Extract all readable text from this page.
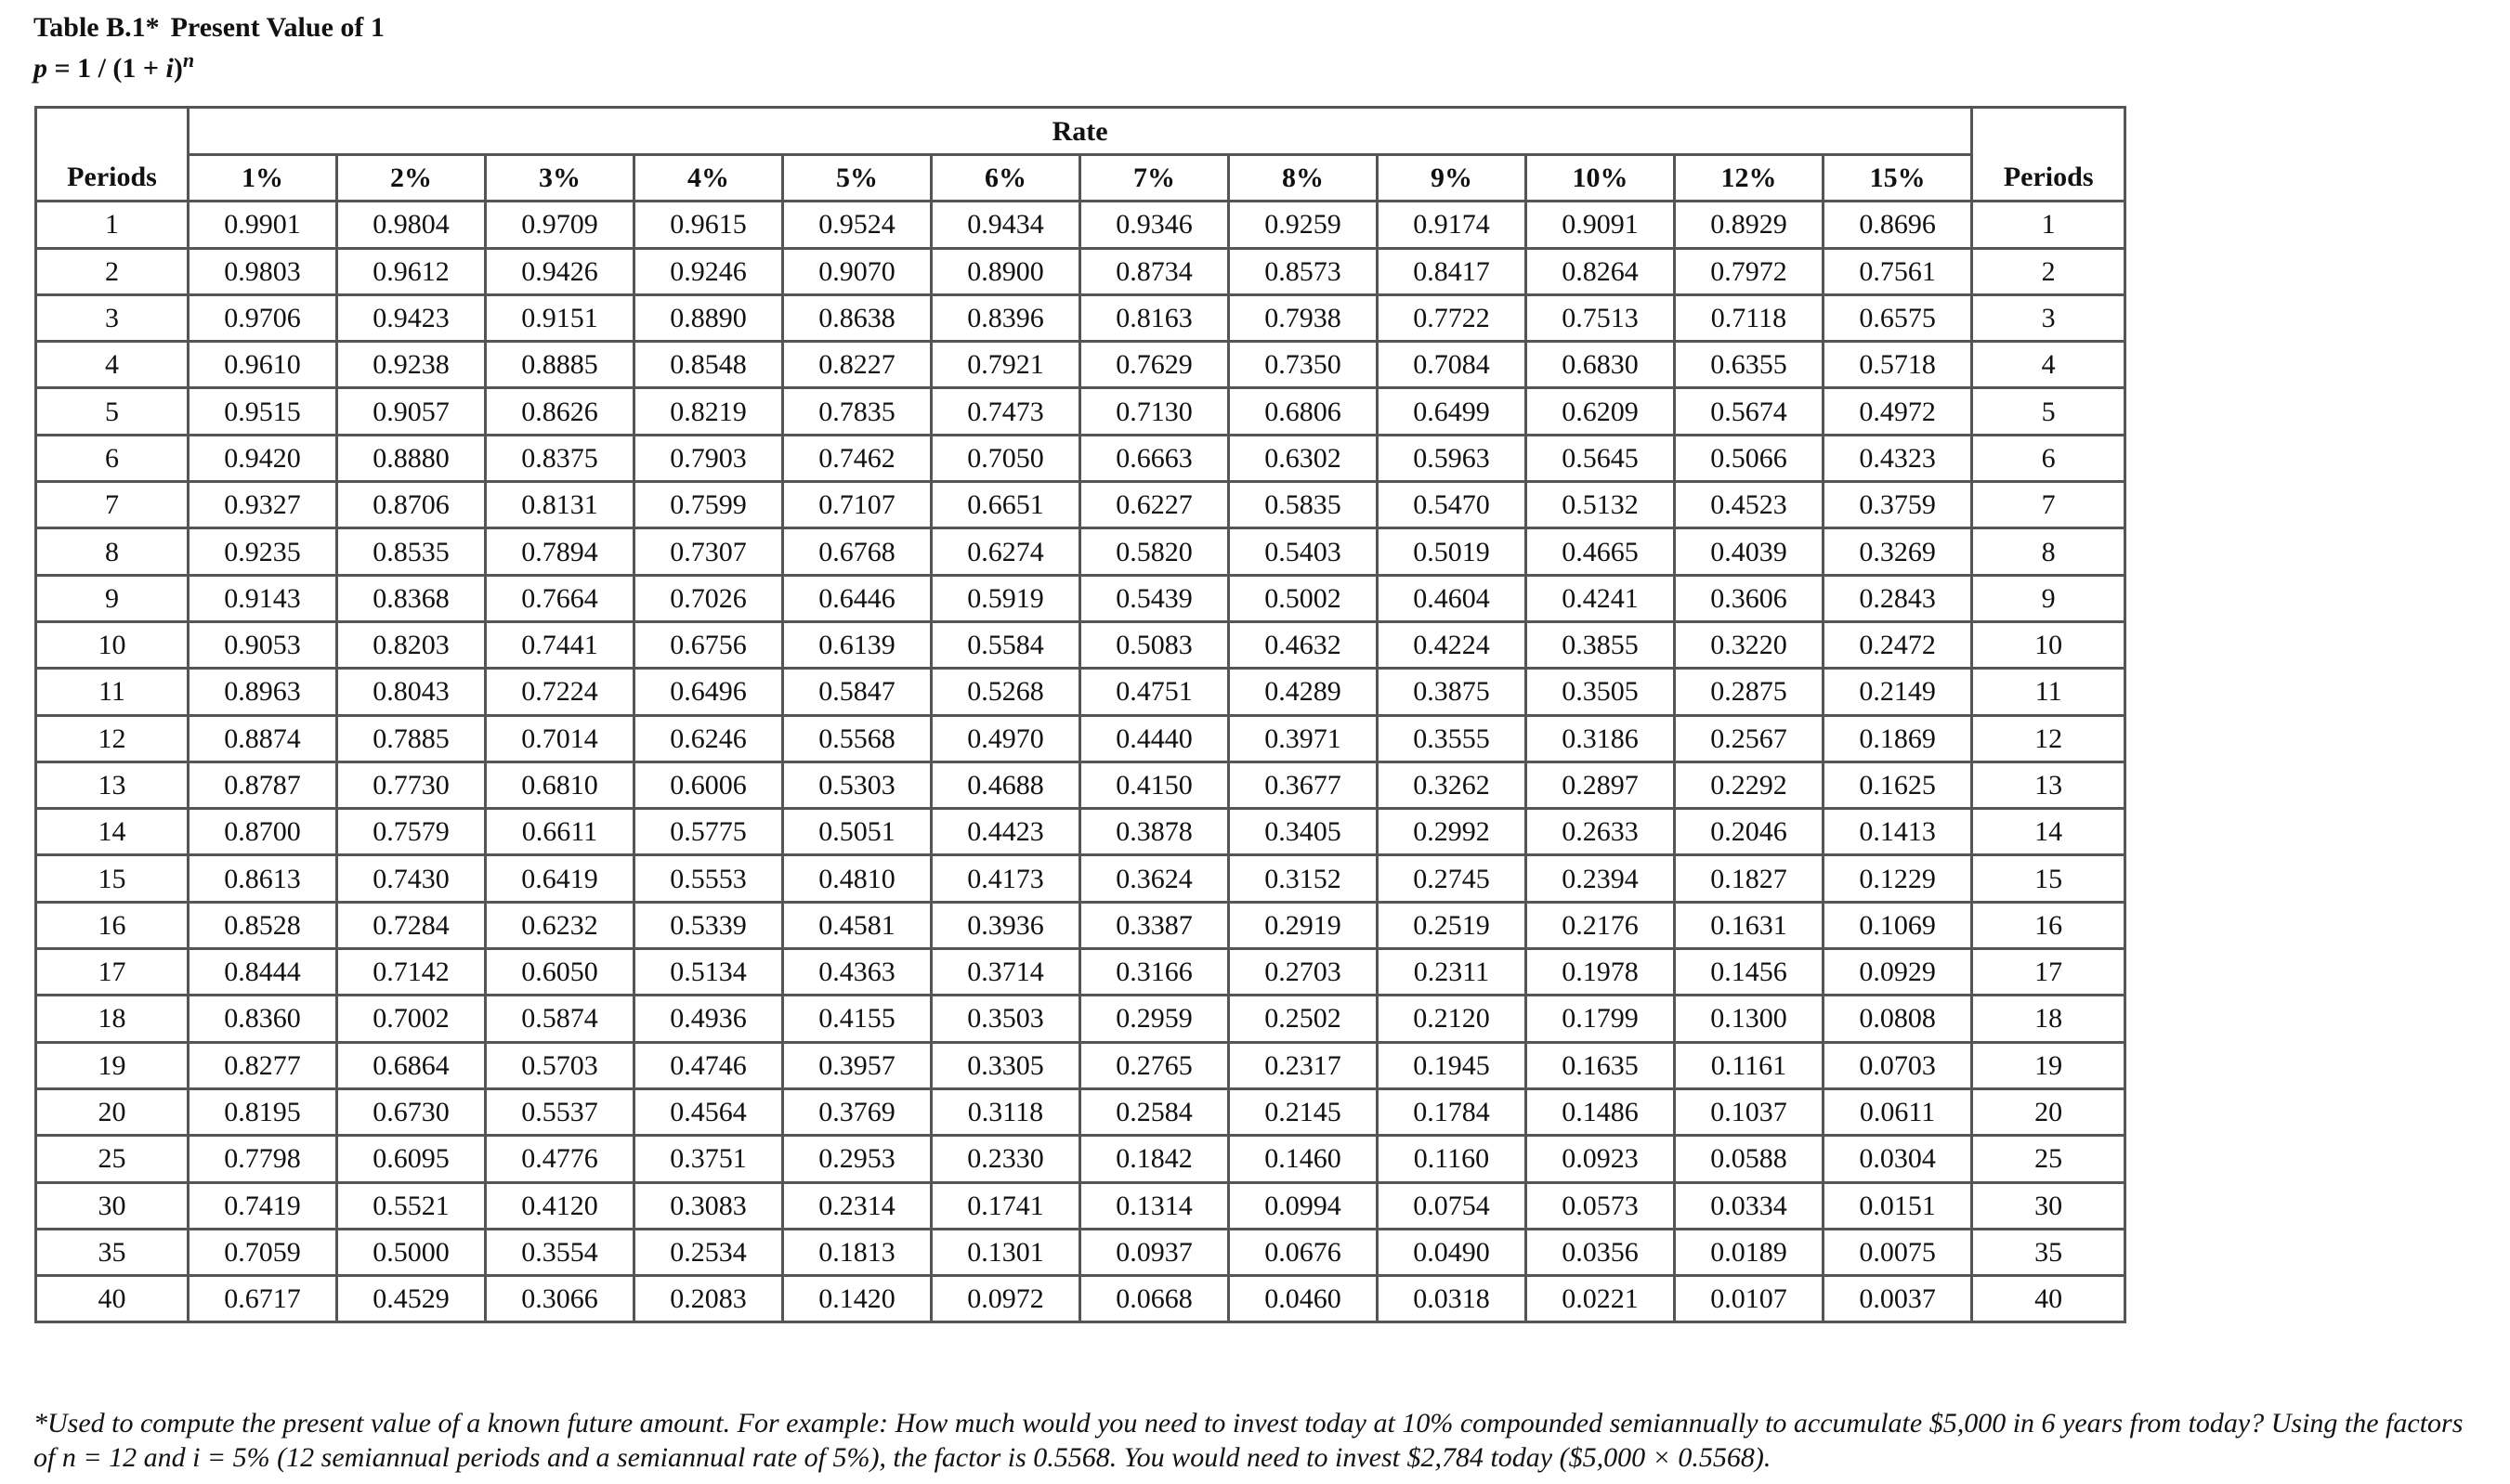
Table B.1* Present Value of 1
$p = 1 / (1 + i)^n$
	Rate												
Periods	1%	2%	3%	4%	5%	6%	7%	8%	9%	10%	12%	15%	Periods
1	0.9901	0.9804	0.9709	0.9615	0.9524	0.9434	0.9346	0.9259	0.9174	0.9091	0.8929	0.8696	1
2	0.9803	0.9612	0.9426	0.9246	0.9070	0.8900	0.8734	0.8573	0.8417	0.8264	0.7972	0.7561	2
3	0.9706	0.9423	0.9151	0.8890	0.8638	0.8396	0.8163	0.7938	0.7722	0.7513	0.7118	0.6575	3
4	0.9610	0.9238	0.8885	0.8548	0.8227	0.7921	0.7629	0.7350	0.7084	0.6830	0.6355	0.5718	4
5	0.9515	0.9057	0.8626	0.8219	0.7835	0.7473	0.7130	0.6806	0.6499	0.6209	0.5674	0.4972	5
6	0.9420	0.8880	0.8375	0.7903	0.7462	0.7050	0.6663	0.6302	0.5963	0.5645	0.5066	0.4323	6
7	0.9327	0.8706	0.8131	0.7599	0.7107	0.6651	0.6227	0.5835	0.5470	0.5132	0.4523	0.3759	7
8	0.9235	0.8535	0.7894	0.7307	0.6768	0.6274	0.5820	0.5403	0.5019	0.4665	0.4039	0.3269	8
9	0.9143	0.8368	0.7664	0.7026	0.6446	0.5919	0.5439	0.5002	0.4604	0.4241	0.3606	0.2843	9
10	0.9053	0.8203	0.7441	0.6756	0.6139	0.5584	0.5083	0.4632	0.4224	0.3855	0.3220	0.2472	10
11	0.8963	0.8043	0.7224	0.6496	0.5847	0.5268	0.4751	0.4289	0.3875	0.3505	0.2875	0.2149	11
12	0.8874	0.7885	0.7014	0.6246	0.5568	0.4970	0.4440	0.3971	0.3555	0.3186	0.2567	0.1869	12
13	0.8787	0.7730	0.6810	0.6006	0.5303	0.4688	0.4150	0.3677	0.3262	0.2897	0.2292	0.1625	13
14	0.8700	0.7579	0.6611	0.5775	0.5051	0.4423	0.3878	0.3405	0.2992	0.2633	0.2046	0.1413	14
15	0.8613	0.7430	0.6419	0.5553	0.4810	0.4173	0.3624	0.3152	0.2745	0.2394	0.1827	0.1229	15
16	0.8528	0.7284	0.6232	0.5339	0.4581	0.3936	0.3387	0.2919	0.2519	0.2176	0.1631	0.1069	16
17	0.8444	0.7142	0.6050	0.5134	0.4363	0.3714	0.3166	0.2703	0.2311	0.1978	0.1456	0.0929	17
18	0.8360	0.7002	0.5874	0.4936	0.4155	0.3503	0.2959	0.2502	0.2120	0.1799	0.1300	0.0808	18
19	0.8277	0.6864	0.5703	0.4746	0.3957	0.3305	0.2765	0.2317	0.1945	0.1635	0.1161	0.0703	19
20	0.8195	0.6730	0.5537	0.4564	0.3769	0.3118	0.2584	0.2145	0.1784	0.1486	0.1037	0.0611	20
25	0.7798	0.6095	0.4776	0.3751	0.2953	0.2330	0.1842	0.1460	0.1160	0.0923	0.0588	0.0304	25
30	0.7419	0.5521	0.4120	0.3083	0.2314	0.1741	0.1314	0.0994	0.0754	0.0573	0.0334	0.0151	30
35	0.7059	0.5000	0.3554	0.2534	0.1813	0.1301	0.0937	0.0676	0.0490	0.0356	0.0189	0.0075	35
40	0.6717	0.4529	0.3066	0.2083	0.1420	0.0972	0.0668	0.0460	0.0318	0.0221	0.0107	0.0037	40
*Used to compute the present value of a known future amount. For example: How much would you need to invest today at 10% compounded semiannually to accumulate $5,000 in 6 years from today? Using the factors of n = 12 and i = 5% (12 semiannual periods and a semiannual rate of 5%), the factor is 0.5568. You would need to invest $2,784 today ($5,000 × 0.5568).
